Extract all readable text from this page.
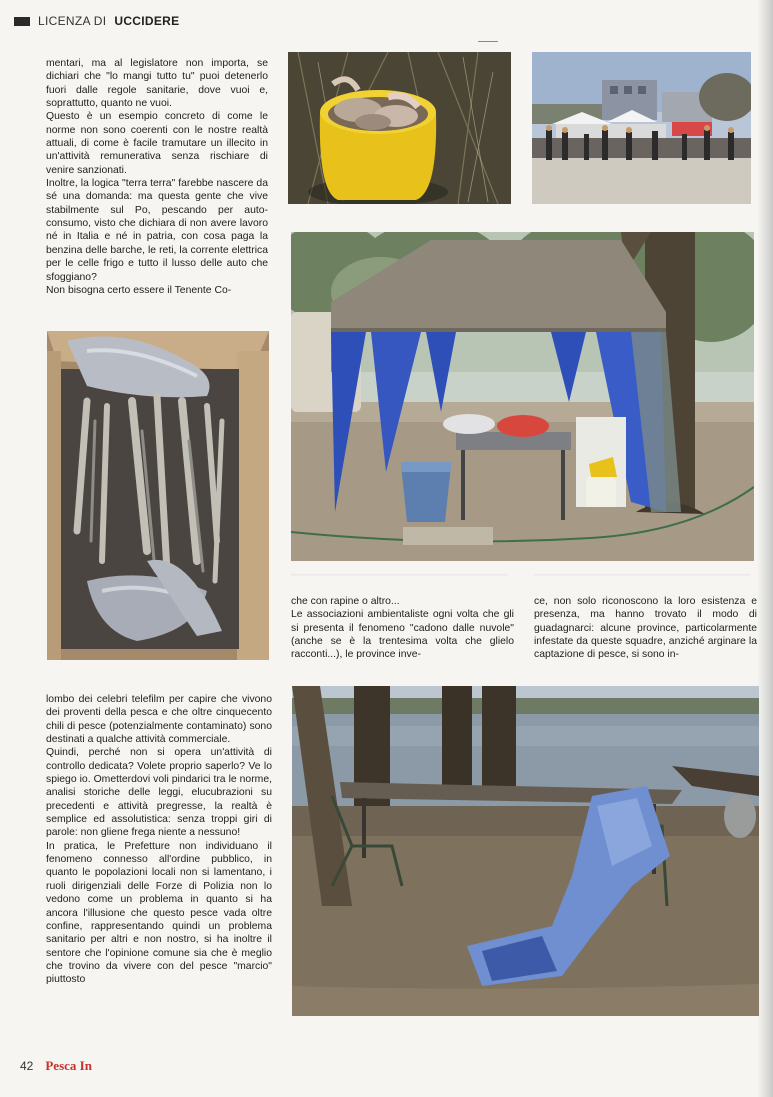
LICENZA DI UCCIDERE

mentari, ma al legislatore non importa, se dichiari che "lo mangi tutto tu" puoi detenerlo fuori dalle regole sanitarie, dove vuoi e, soprattutto, quanto ne vuoi.

Questo è un esempio concreto di come le norme non sono coerenti con le nostre realtà attuali, di come è facile tramutare un illecito in un'attività remunerativa senza rischiare di venire sanzionati.

Inoltre, la logica "terra terra" farebbe nascere da sé una domanda: ma questa gente che vive stabilmente sul Po, pescando per auto-consumo, visto che dichiara di non avere lavoro né in Italia e né in patria, con cosa paga la benzina delle barche, le reti, la corrente elettrica per le celle frigo e tutto il lusso delle auto che sfoggiano?

Non bisogna certo essere il Tenente Co-

————————————————————————	————————————————————————

che con rapine o altro...

Le associazioni ambientaliste ogni volta che gli si presenta il fenomeno "cadono dalle nuvole" (anche se è la trentesima volta che glielo racconti...), le province inve-

ce, non solo riconoscono la loro esistenza e presenza, ma hanno trovato il modo di guadagnarci: alcune province, particolarmente infestate da queste squadre, anziché arginare la captazione di pesce, si sono in-

lombo dei celebri telefilm per capire che vivono dei proventi della pesca e che oltre cinquecento chili di pesce (potenzialmente contaminato) sono destinati a qualche attività commerciale.

Quindi, perché non si opera un'attività di controllo dedicata? Volete proprio saperlo? Ve lo spiego io. Ometterdovi voli pindarici tra le norme, analisi storiche delle leggi, elucubrazioni su precedenti e attività pregresse, la realtà è semplice ed assolutistica: senza troppi giri di parole: non gliene frega niente a nessuno!

In pratica, le Prefetture non individuano il fenomeno connesso all'ordine pubblico, in quanto le popolazioni locali non si lamentano, i ruoli dirigenziali delle Forze di Polizia non lo vedono come un problema in quanto si ha ancora l'illusione che questo pesce vada oltre confine, rappresentando quindi un problema sanitario per altri e non nostro, si ha inoltre il sentore che l'opinione comune sia che è meglio che trovino da vivere con del pesce "marcio" piuttosto

42 Pesca In
